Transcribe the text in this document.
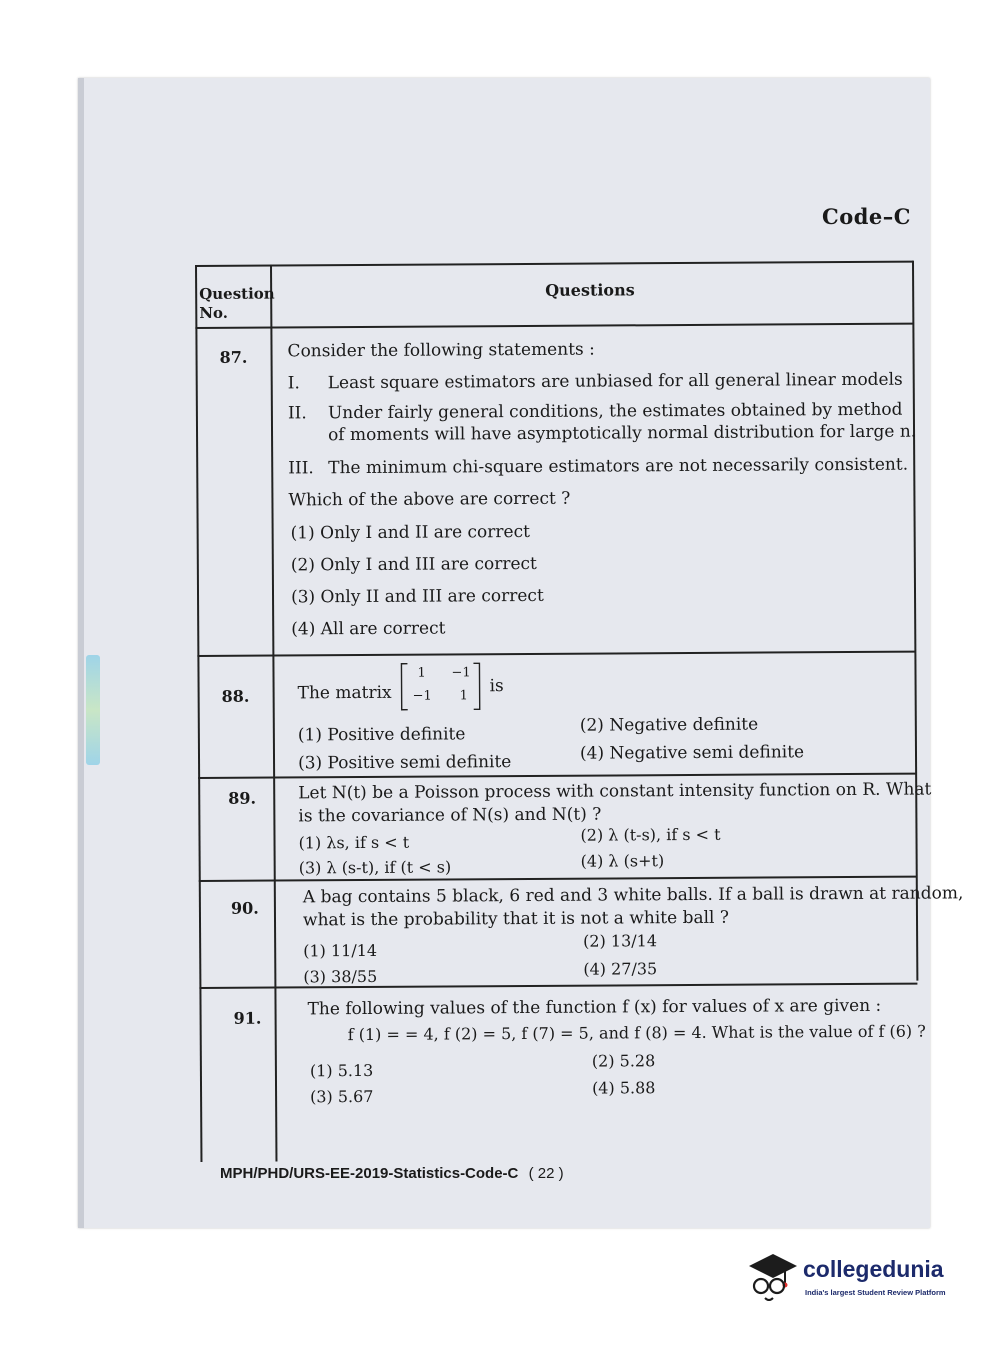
Code–C
Question
No.
Questions
87. Consider the following statements :
I. Least square estimators are unbiased for all general linear models
II. Under fairly general conditions, the estimates obtained by method
of moments will have asymptotically normal distribution for large n.
III. The minimum chi-square estimators are not necessarily consistent.
Which of the above are correct ?
(1) Only I and II are correct
(2) Only I and III are correct
(3) Only II and III are correct
(4) All are correct
88.	The matrix
1 −1
−1 1 is
(1) Positive definite	(2) Negative definite
(3) Positive semi definite	(4) Negative semi definite
89. Let N(t) be a Poisson process with constant intensity function on R. What
is the covariance of N(s) and N(t) ?
(1) λs, if s < t	(2) λ (t-s), if s < t
(3) λ (s-t), if (t < s)	(4) λ (s+t)
90.
A bag contains 5 black, 6 red and 3 white balls. If a ball is drawn at random,
what is the probability that it is not a white ball ?
(1) 11/14	(2) 13/14
(3) 38/55	(4) 27/35
91.	The following values of the function f (x) for values of x are given :
f (1) = = 4, f (2) = 5, f (7) = 5, and f (8) = 4. What is the value of f (6) ?
(1) 5.13
(2) 5.28
(3) 5.67	(4) 5.88
MPH/PHD/URS-EE-2019-Statistics-Code-C ( 22 )
collegedunia
India's largest Student Review Platform
